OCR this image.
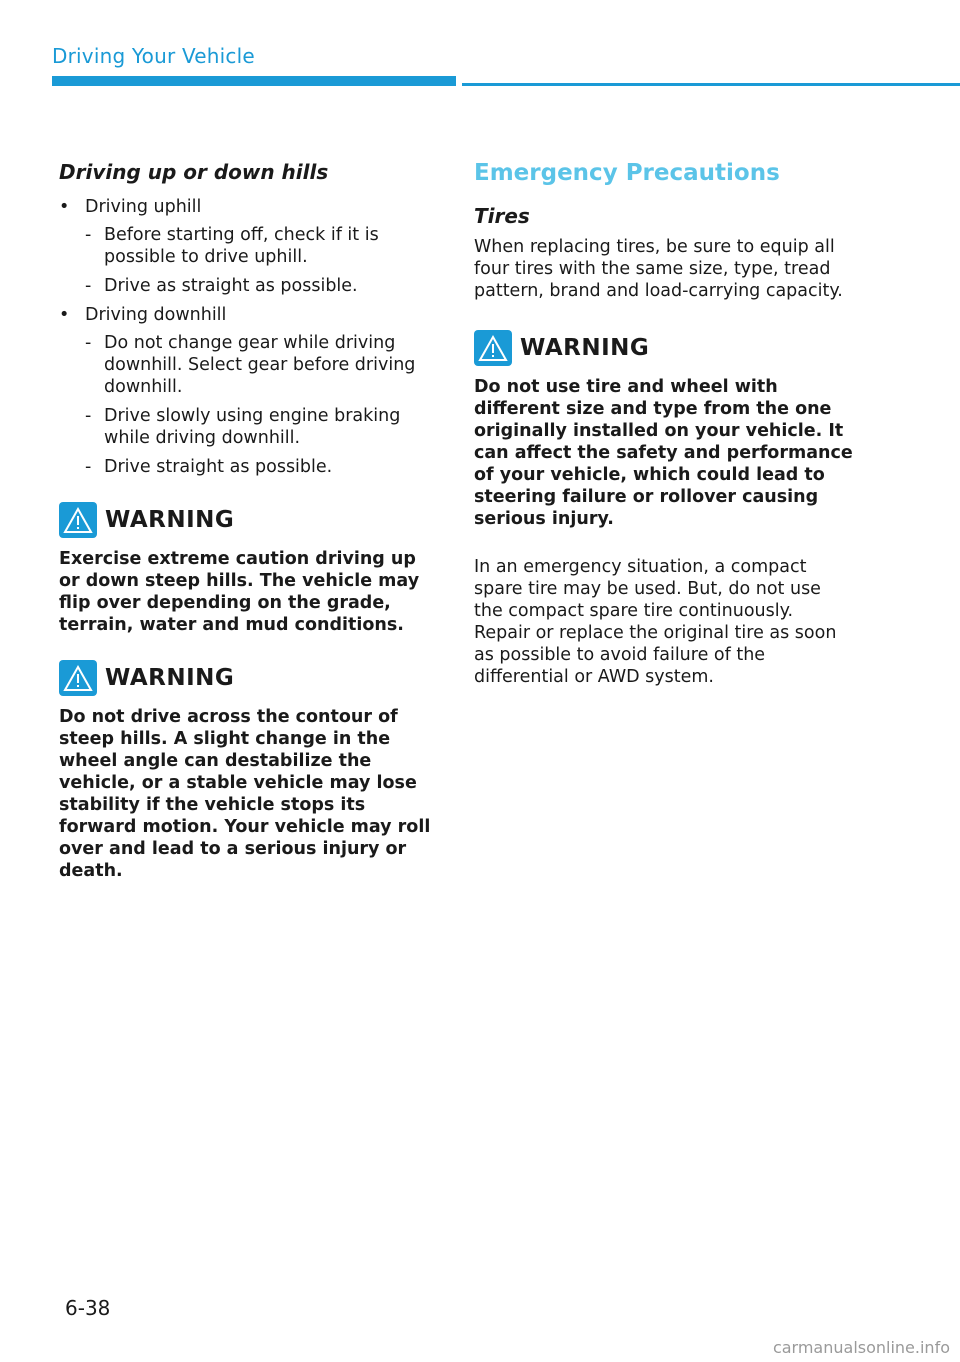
Driving Your Vehicle
Driving up or down hills
• Driving uphill
- Before starting off, check if it is possible to drive uphill.
- Drive as straight as possible.
• Driving downhill
- Do not change gear while driving downhill. Select gear before driving downhill.
- Drive slowly using engine braking while driving downhill.
- Drive straight as possible.
WARNING
Exercise extreme caution driving up or down steep hills. The vehicle may flip over depending on the grade, terrain, water and mud conditions.
WARNING
Do not drive across the contour of steep hills. A slight change in the wheel angle can destabilize the vehicle, or a stable vehicle may lose stability if the vehicle stops its forward motion. Your vehicle may roll over and lead to a serious injury or death.
Emergency Precautions
Tires
When replacing tires, be sure to equip all four tires with the same size, type, tread pattern, brand and load-carrying capacity.
WARNING
Do not use tire and wheel with different size and type from the one originally installed on your vehicle. It can affect the safety and performance of your vehicle, which could lead to steering failure or rollover causing serious injury.
In an emergency situation, a compact spare tire may be used. But, do not use the compact spare tire continuously. Repair or replace the original tire as soon as possible to avoid failure of the differential or AWD system.
6-38
carmanualsonline.info
